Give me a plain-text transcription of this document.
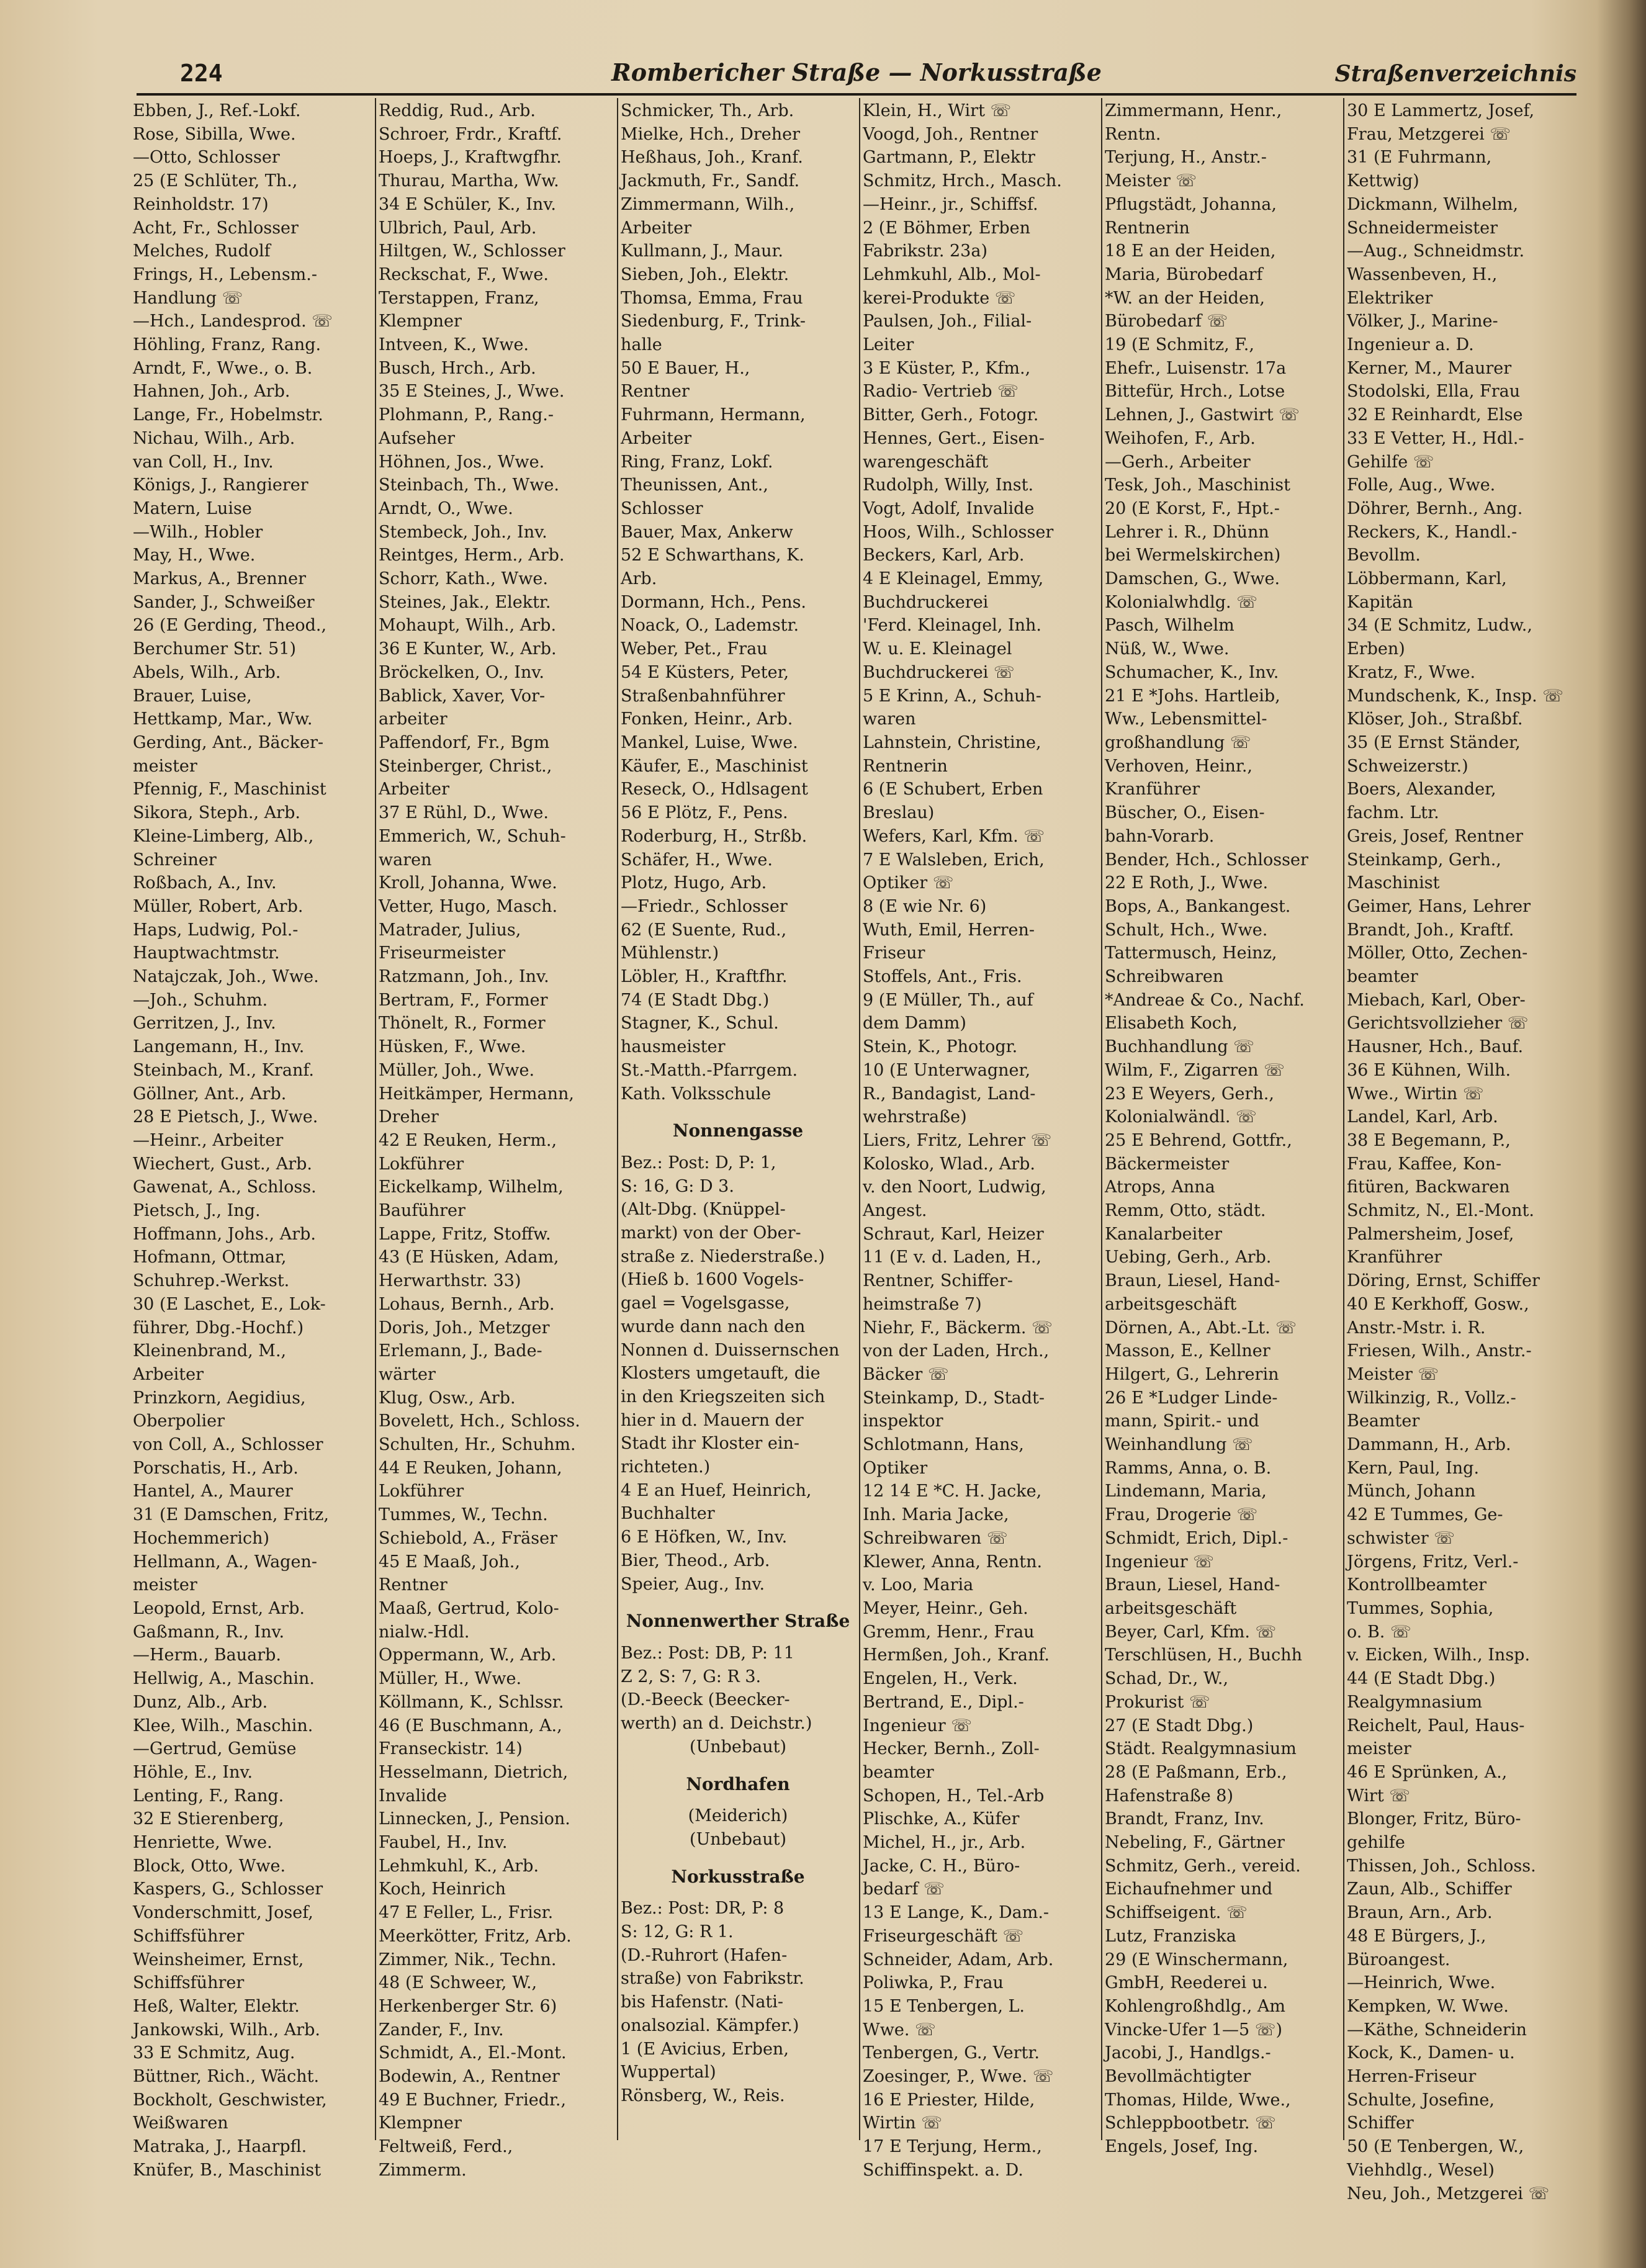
224	Rombericher Straße — Norkusstraße	Straßenverzeichnis

Ebben, J., Ref.-Lokf.

Rose, Sibilla, Wwe.

—Otto, Schlosser

25 (E Schlüter, Th.,

Reinholdstr. 17)

Acht, Fr., Schlosser

Melches, Rudolf

Frings, H., Lebensm.-

Handlung ☏

—Hch., Landesprod. ☏

Höhling, Franz, Rang.

Arndt, F., Wwe., o. B.

Hahnen, Joh., Arb.

Lange, Fr., Hobelmstr.

Nichau, Wilh., Arb.

van Coll, H., Inv.

Königs, J., Rangierer

Matern, Luise

—Wilh., Hobler

May, H., Wwe.

Markus, A., Brenner

Sander, J., Schweißer

26 (E Gerding, Theod.,

Berchumer Str. 51)

Abels, Wilh., Arb.

Brauer, Luise,

Hettkamp, Mar., Ww.

Gerding, Ant., Bäcker-

meister

Pfennig, F., Maschinist

Sikora, Steph., Arb.

Kleine-Limberg, Alb.,

Schreiner

Roßbach, A., Inv.

Müller, Robert, Arb.

Haps, Ludwig, Pol.-

Hauptwachtmstr.

Natajczak, Joh., Wwe.

—Joh., Schuhm.

Gerritzen, J., Inv.

Langemann, H., Inv.

Steinbach, M., Kranf.

Göllner, Ant., Arb.

28 E Pietsch, J., Wwe.

—Heinr., Arbeiter

Wiechert, Gust., Arb.

Gawenat, A., Schloss.

Pietsch, J., Ing.

Hoffmann, Johs., Arb.

Hofmann, Ottmar,

Schuhrep.-Werkst.

30 (E Laschet, E., Lok-

führer, Dbg.-Hochf.)

Kleinenbrand, M.,

Arbeiter

Prinzkorn, Aegidius,

Oberpolier

von Coll, A., Schlosser

Porschatis, H., Arb.

Hantel, A., Maurer

31 (E Damschen, Fritz,

Hochemmerich)

Hellmann, A., Wagen-

meister

Leopold, Ernst, Arb.

Gaßmann, R., Inv.

—Herm., Bauarb.

Hellwig, A., Maschin.

Dunz, Alb., Arb.

Klee, Wilh., Maschin.

—Gertrud, Gemüse

Höhle, E., Inv.

Lenting, F., Rang.

32 E Stierenberg,

Henriette, Wwe.

Block, Otto, Wwe.

Kaspers, G., Schlosser

Vonderschmitt, Josef,

Schiffsführer

Weinsheimer, Ernst,

Schiffsführer

Heß, Walter, Elektr.

Jankowski, Wilh., Arb.

33 E Schmitz, Aug.

Büttner, Rich., Wächt.

Bockholt, Geschwister,

Weißwaren

Matraka, J., Haarpfl.

Knüfer, B., Maschinist

Reddig, Rud., Arb.

Schroer, Frdr., Kraftf.

Hoeps, J., Kraftwgfhr.

Thurau, Martha, Ww.

34 E Schüler, K., Inv.

Ulbrich, Paul, Arb.

Hiltgen, W., Schlosser

Reckschat, F., Wwe.

Terstappen, Franz,

Klempner

Intveen, K., Wwe.

Busch, Hrch., Arb.

35 E Steines, J., Wwe.

Plohmann, P., Rang.-

Aufseher

Höhnen, Jos., Wwe.

Steinbach, Th., Wwe.

Arndt, O., Wwe.

Stembeck, Joh., Inv.

Reintges, Herm., Arb.

Schorr, Kath., Wwe.

Steines, Jak., Elektr.

Mohaupt, Wilh., Arb.

36 E Kunter, W., Arb.

Bröckelken, O., Inv.

Bablick, Xaver, Vor-

arbeiter

Paffendorf, Fr., Bgm

Steinberger, Christ.,

Arbeiter

37 E Rühl, D., Wwe.

Emmerich, W., Schuh-

waren

Kroll, Johanna, Wwe.

Vetter, Hugo, Masch.

Matrader, Julius,

Friseurmeister

Ratzmann, Joh., Inv.

Bertram, F., Former

Thönelt, R., Former

Hüsken, F., Wwe.

Müller, Joh., Wwe.

Heitkämper, Hermann,

Dreher

42 E Reuken, Herm.,

Lokführer

Eickelkamp, Wilhelm,

Bauführer

Lappe, Fritz, Stoffw.

43 (E Hüsken, Adam,

Herwarthstr. 33)

Lohaus, Bernh., Arb.

Doris, Joh., Metzger

Erlemann, J., Bade-

wärter

Klug, Osw., Arb.

Bovelett, Hch., Schloss.

Schulten, Hr., Schuhm.

44 E Reuken, Johann,

Lokführer

Tummes, W., Techn.

Schiebold, A., Fräser

45 E Maaß, Joh.,

Rentner

Maaß, Gertrud, Kolo-

nialw.-Hdl.

Oppermann, W., Arb.

Müller, H., Wwe.

Köllmann, K., Schlssr.

46 (E Buschmann, A.,

Franseckistr. 14)

Hesselmann, Dietrich,

Invalide

Linnecken, J., Pension.

Faubel, H., Inv.

Lehmkuhl, K., Arb.

Koch, Heinrich

47 E Feller, L., Frisr.

Meerkötter, Fritz, Arb.

Zimmer, Nik., Techn.

48 (E Schweer, W.,

Herkenberger Str. 6)

Zander, F., Inv.

Schmidt, A., El.-Mont.

Bodewin, A., Rentner

49 E Buchner, Friedr.,

Klempner

Feltweiß, Ferd.,

Zimmerm.

Schmicker, Th., Arb.

Mielke, Hch., Dreher

Heßhaus, Joh., Kranf.

Jackmuth, Fr., Sandf.

Zimmermann, Wilh.,

Arbeiter

Kullmann, J., Maur.

Sieben, Joh., Elektr.

Thomsa, Emma, Frau

Siedenburg, F., Trink-

halle

50 E Bauer, H.,

Rentner

Fuhrmann, Hermann,

Arbeiter

Ring, Franz, Lokf.

Theunissen, Ant.,

Schlosser

Bauer, Max, Ankerw

52 E Schwarthans, K.

Arb.

Dormann, Hch., Pens.

Noack, O., Lademstr.

Weber, Pet., Frau

54 E Küsters, Peter,

Straßenbahnführer

Fonken, Heinr., Arb.

Mankel, Luise, Wwe.

Käufer, E., Maschinist

Reseck, O., Hdlsagent

56 E Plötz, F., Pens.

Roderburg, H., Strßb.

Schäfer, H., Wwe.

Plotz, Hugo, Arb.

—Friedr., Schlosser

62 (E Suente, Rud.,

Mühlenstr.)

Löbler, H., Kraftfhr.

74 (E Stadt Dbg.)

Stagner, K., Schul.

hausmeister

St.-Matth.-Pfarrgem.

Kath. Volksschule

Nonnengasse

Bez.: Post: D, P: 1,

S: 16, G: D 3.

(Alt-Dbg. (Knüppel-

markt) von der Ober-

straße z. Niederstraße.)

(Hieß b. 1600 Vogels-

gael = Vogelsgasse,

wurde dann nach den

Nonnen d. Duissernschen

Klosters umgetauft, die

in den Kriegszeiten sich

hier in d. Mauern der

Stadt ihr Kloster ein-

richteten.)

4 E an Huef, Heinrich,

Buchhalter

6 E Höfken, W., Inv.

Bier, Theod., Arb.

Speier, Aug., Inv.

Nonnenwerther Straße

Bez.: Post: DB, P: 11

Z 2, S: 7, G: R 3.

(D.-Beeck (Beecker-

werth) an d. Deichstr.)

(Unbebaut)

Nordhafen

(Meiderich)

(Unbebaut)

Norkusstraße

Bez.: Post: DR, P: 8

S: 12, G: R 1.

(D.-Ruhrort (Hafen-

straße) von Fabrikstr.

bis Hafenstr. (Nati-

onalsozial. Kämpfer.)

1 (E Avicius, Erben,

Wuppertal)

Rönsberg, W., Reis.

Klein, H., Wirt ☏

Voogd, Joh., Rentner

Gartmann, P., Elektr

Schmitz, Hrch., Masch.

—Heinr., jr., Schiffsf.

2 (E Böhmer, Erben

Fabrikstr. 23a)

Lehmkuhl, Alb., Mol-

kerei-Produkte ☏

Paulsen, Joh., Filial-

Leiter

3 E Küster, P., Kfm.,

Radio- Vertrieb ☏

Bitter, Gerh., Fotogr.

Hennes, Gert., Eisen-

warengeschäft

Rudolph, Willy, Inst.

Vogt, Adolf, Invalide

Hoos, Wilh., Schlosser

Beckers, Karl, Arb.

4 E Kleinagel, Emmy,

Buchdruckerei

'Ferd. Kleinagel, Inh.

W. u. E. Kleinagel

Buchdruckerei ☏

5 E Krinn, A., Schuh-

waren

Lahnstein, Christine,

Rentnerin

6 (E Schubert, Erben

Breslau)

Wefers, Karl, Kfm. ☏

7 E Walsleben, Erich,

Optiker ☏

8 (E wie Nr. 6)

Wuth, Emil, Herren-

Friseur

Stoffels, Ant., Fris.

9 (E Müller, Th., auf

dem Damm)

Stein, K., Photogr.

10 (E Unterwagner,

R., Bandagist, Land-

wehrstraße)

Liers, Fritz, Lehrer ☏

Kolosko, Wlad., Arb.

v. den Noort, Ludwig,

Angest.

Schraut, Karl, Heizer

11 (E v. d. Laden, H.,

Rentner, Schiffer-

heimstraße 7)

Niehr, F., Bäckerm. ☏

von der Laden, Hrch.,

Bäcker ☏

Steinkamp, D., Stadt-

inspektor

Schlotmann, Hans,

Optiker

12 14 E *C. H. Jacke,

Inh. Maria Jacke,

Schreibwaren ☏

Klewer, Anna, Rentn.

v. Loo, Maria

Meyer, Heinr., Geh.

Gremm, Henr., Frau

Hermßen, Joh., Kranf.

Engelen, H., Verk.

Bertrand, E., Dipl.-

Ingenieur ☏

Hecker, Bernh., Zoll-

beamter

Schopen, H., Tel.-Arb

Plischke, A., Küfer

Michel, H., jr., Arb.

Jacke, C. H., Büro-

bedarf ☏

13 E Lange, K., Dam.-

Friseurgeschäft ☏

Schneider, Adam, Arb.

Poliwka, P., Frau

15 E Tenbergen, L.

Wwe. ☏

Tenbergen, G., Vertr.

Zoesinger, P., Wwe. ☏

16 E Priester, Hilde,

Wirtin ☏

17 E Terjung, Herm.,

Schiffinspekt. a. D.

Zimmermann, Henr.,

Rentn.

Terjung, H., Anstr.-

Meister ☏

Pflugstädt, Johanna,

Rentnerin

18 E an der Heiden,

Maria, Bürobedarf

*W. an der Heiden,

Bürobedarf ☏

19 (E Schmitz, F.,

Ehefr., Luisenstr. 17a

Bittefür, Hrch., Lotse

Lehnen, J., Gastwirt ☏

Weihofen, F., Arb.

—Gerh., Arbeiter

Tesk, Joh., Maschinist

20 (E Korst, F., Hpt.-

Lehrer i. R., Dhünn

bei Wermelskirchen)

Damschen, G., Wwe.

Kolonialwhdlg. ☏

Pasch, Wilhelm

Nüß, W., Wwe.

Schumacher, K., Inv.

21 E *Johs. Hartleib,

Ww., Lebensmittel-

großhandlung ☏

Verhoven, Heinr.,

Kranführer

Büscher, O., Eisen-

bahn-Vorarb.

Bender, Hch., Schlosser

22 E Roth, J., Wwe.

Bops, A., Bankangest.

Schult, Hch., Wwe.

Tattermusch, Heinz,

Schreibwaren

*Andreae & Co., Nachf.

Elisabeth Koch,

Buchhandlung ☏

Wilm, F., Zigarren ☏

23 E Weyers, Gerh.,

Kolonialwändl. ☏

25 E Behrend, Gottfr.,

Bäckermeister

Atrops, Anna

Remm, Otto, städt.

Kanalarbeiter

Uebing, Gerh., Arb.

Braun, Liesel, Hand-

arbeitsgeschäft

Dörnen, A., Abt.-Lt. ☏

Masson, E., Kellner

Hilgert, G., Lehrerin

26 E *Ludger Linde-

mann, Spirit.- und

Weinhandlung ☏

Ramms, Anna, o. B.

Lindemann, Maria,

Frau, Drogerie ☏

Schmidt, Erich, Dipl.-

Ingenieur ☏

Braun, Liesel, Hand-

arbeitsgeschäft

Beyer, Carl, Kfm. ☏

Terschlüsen, H., Buchh

Schad, Dr., W.,

Prokurist ☏

27 (E Stadt Dbg.)

Städt. Realgymnasium

28 (E Paßmann, Erb.,

Hafenstraße 8)

Brandt, Franz, Inv.

Nebeling, F., Gärtner

Schmitz, Gerh., vereid.

Eichaufnehmer und

Schiffseigent. ☏

Lutz, Franziska

29 (E Winschermann,

GmbH, Reederei u.

Kohlengroßhdlg., Am

Vincke-Ufer 1—5 ☏)

Jacobi, J., Handlgs.-

Bevollmächtigter

Thomas, Hilde, Wwe.,

Schleppbootbetr. ☏

Engels, Josef, Ing.

30 E Lammertz, Josef,

Frau, Metzgerei ☏

31 (E Fuhrmann,

Kettwig)

Dickmann, Wilhelm,

Schneidermeister

—Aug., Schneidmstr.

Wassenbeven, H.,

Elektriker

Völker, J., Marine-

Ingenieur a. D.

Kerner, M., Maurer

Stodolski, Ella, Frau

32 E Reinhardt, Else

33 E Vetter, H., Hdl.-

Gehilfe ☏

Folle, Aug., Wwe.

Döhrer, Bernh., Ang.

Reckers, K., Handl.-

Bevollm.

Löbbermann, Karl,

Kapitän

34 (E Schmitz, Ludw.,

Erben)

Kratz, F., Wwe.

Mundschenk, K., Insp. ☏

Klöser, Joh., Straßbf.

35 (E Ernst Ständer,

Schweizerstr.)

Boers, Alexander,

fachm. Ltr.

Greis, Josef, Rentner

Steinkamp, Gerh.,

Maschinist

Geimer, Hans, Lehrer

Brandt, Joh., Kraftf.

Möller, Otto, Zechen-

beamter

Miebach, Karl, Ober-

Gerichtsvollzieher ☏

Hausner, Hch., Bauf.

36 E Kühnen, Wilh.

Wwe., Wirtin ☏

Landel, Karl, Arb.

38 E Begemann, P.,

Frau, Kaffee, Kon-

fitüren, Backwaren

Schmitz, N., El.-Mont.

Palmersheim, Josef,

Kranführer

Döring, Ernst, Schiffer

40 E Kerkhoff, Gosw.,

Anstr.-Mstr. i. R.

Friesen, Wilh., Anstr.-

Meister ☏

Wilkinzig, R., Vollz.-

Beamter

Dammann, H., Arb.

Kern, Paul, Ing.

Münch, Johann

42 E Tummes, Ge-

schwister ☏

Jörgens, Fritz, Verl.-

Kontrollbeamter

Tummes, Sophia,

o. B. ☏

v. Eicken, Wilh., Insp.

44 (E Stadt Dbg.)

Realgymnasium

Reichelt, Paul, Haus-

meister

46 E Sprünken, A.,

Wirt ☏

Blonger, Fritz, Büro-

gehilfe

Thissen, Joh., Schloss.

Zaun, Alb., Schiffer

Braun, Arn., Arb.

48 E Bürgers, J.,

Büroangest.

—Heinrich, Wwe.

Kempken, W. Wwe.

—Käthe, Schneiderin

Kock, K., Damen- u.

Herren-Friseur

Schulte, Josefine,

Schiffer

50 (E Tenbergen, W.,

Viehhdlg., Wesel)

Neu, Joh., Metzgerei ☏
